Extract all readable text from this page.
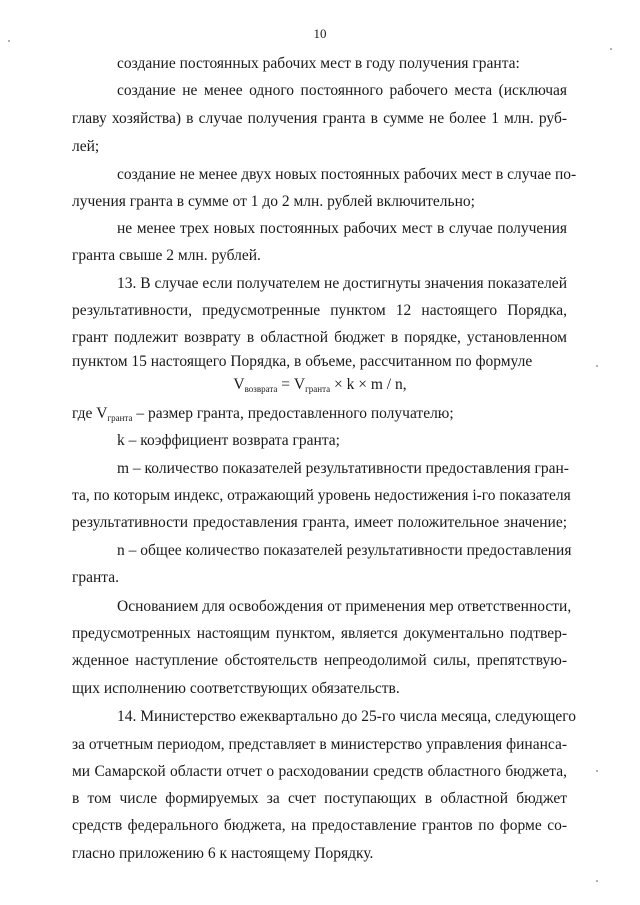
10
создание постоянных рабочих мест в году получения гранта:
создание не менее одного постоянного рабочего места (исключая
главу хозяйства) в случае получения гранта в сумме не более 1 млн. руб-
лей;
создание не менее двух новых постоянных рабочих мест в случае по-
лучения гранта в сумме от 1 до 2 млн. рублей включительно;
не менее трех новых постоянных рабочих мест в случае получения
гранта свыше 2 млн. рублей.
13. В случае если получателем не достигнуты значения показателей
результативности, предусмотренные пунктом 12 настоящего Порядка,
грант подлежит возврату в областной бюджет в порядке, установленном
пунктом 15 настоящего Порядка, в объеме, рассчитанном по формуле
$V_{возврата} = V_{гранта} \times k \times m / n$,
где $V_{гранта}$ – размер гранта, предоставленного получателю;
k – коэффициент возврата гранта;
m – количество показателей результативности предоставления гран-
та, по которым индекс, отражающий уровень недостижения i-го показателя
результативности предоставления гранта, имеет положительное значение;
n – общее количество показателей результативности предоставления
гранта.
Основанием для освобождения от применения мер ответственности,
предусмотренных настоящим пунктом, является документально подтвер-
жденное наступление обстоятельств непреодолимой силы, препятствую-
щих исполнению соответствующих обязательств.
14. Министерство ежеквартально до 25-го числа месяца, следующего
за отчетным периодом, представляет в министерство управления финанса-
ми Самарской области отчет о расходовании средств областного бюджета,
в том числе формируемых за счет поступающих в областной бюджет
средств федерального бюджета, на предоставление грантов по форме со-
гласно приложению 6 к настоящему Порядку.
